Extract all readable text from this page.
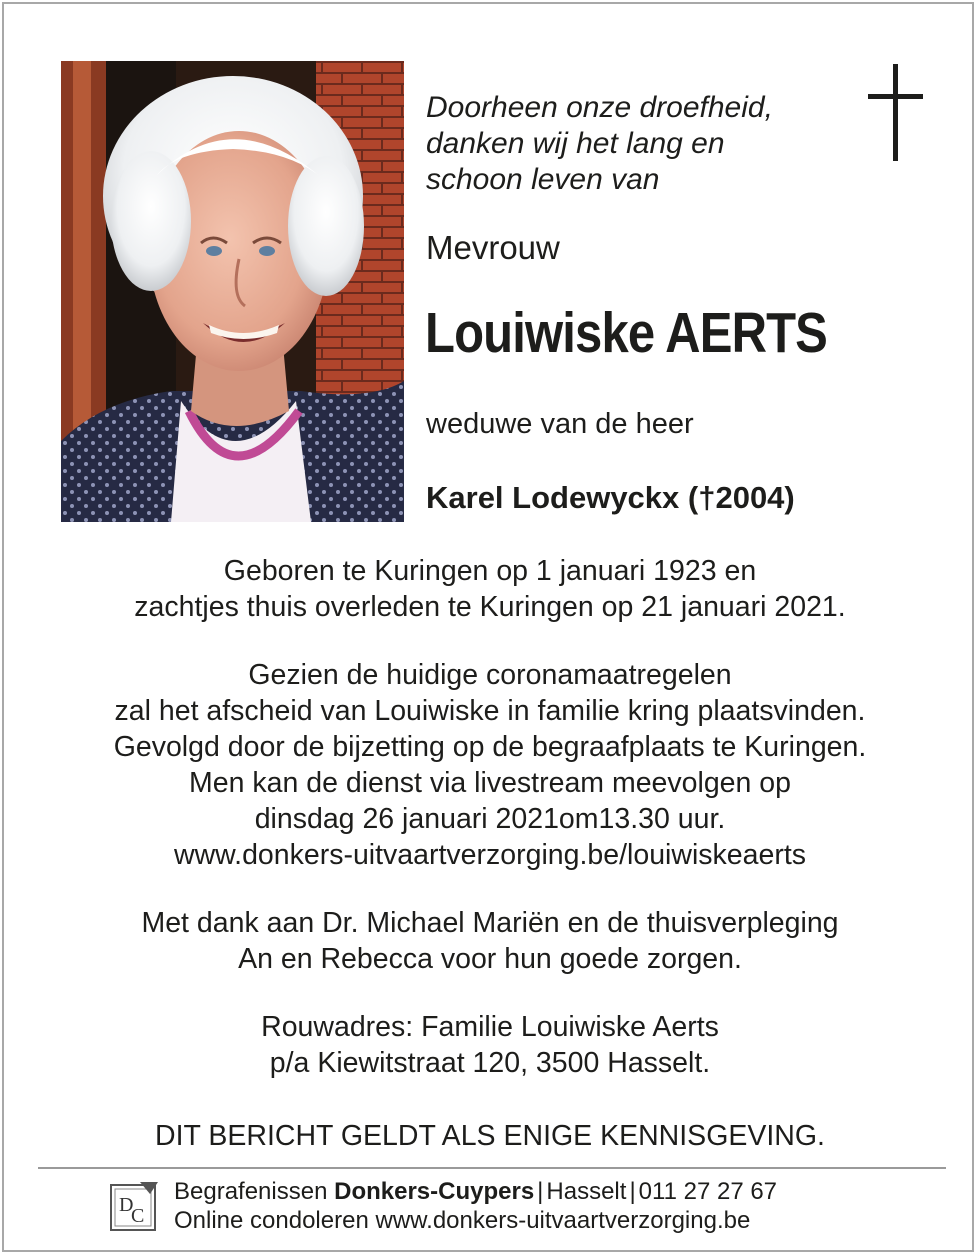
Doorheen onze droefheid,
danken wij het lang en
schoon leven van
Mevrouw
Louiwiske AERTS
weduwe van de heer
Karel Lodewyckx (†2004)
Geboren te Kuringen op 1 januari 1923 en
zachtjes thuis overleden te Kuringen op 21 januari 2021.
Gezien de huidige coronamaatregelen
zal het afscheid van Louiwiske in familie kring plaatsvinden.
Gevolgd door de bijzetting op de begraafplaats te Kuringen.
Men kan de dienst via livestream meevolgen op
dinsdag 26 januari 2021om13.30 uur.
www.donkers-uitvaartverzorging.be/louiwiskeaerts
Met dank aan Dr. Michael Mariën en de thuisverpleging
An en Rebecca voor hun goede zorgen.
Rouwadres: Familie Louiwiske Aerts
p/a Kiewitstraat 120, 3500 Hasselt.
DIT BERICHT GELDT ALS ENIGE KENNISGEVING.
D
C
Begrafenissen Donkers-Cuypers | Hasselt | 011 27 27 67
Online condoleren www.donkers-uitvaartverzorging.be
